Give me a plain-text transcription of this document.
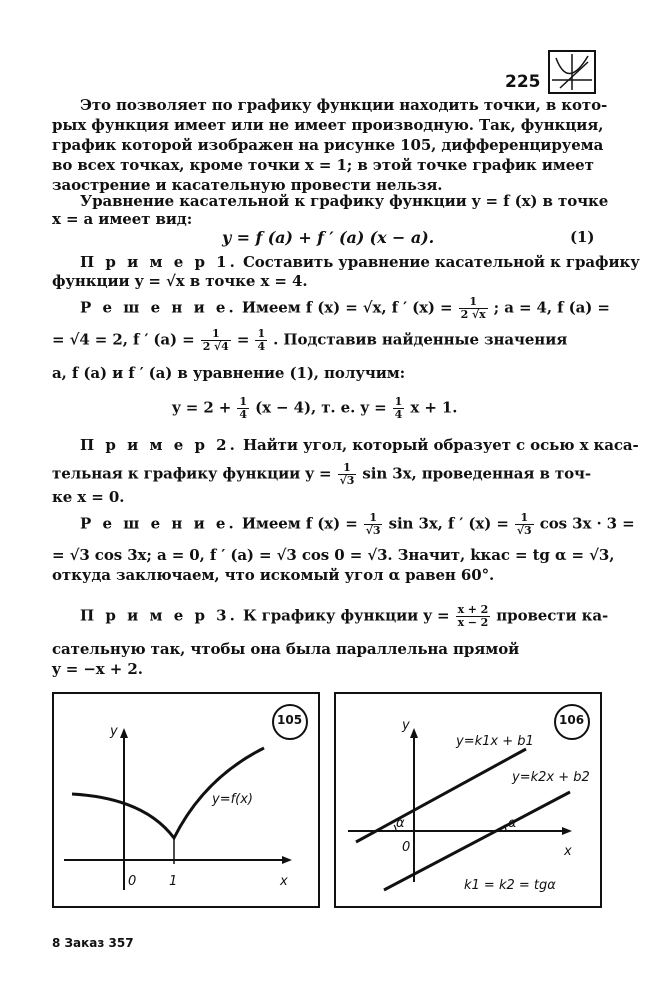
225
Это позволяет по графику функции находить точки, в кото-
рых функция имеет или не имеет производную. Так, функция,
график которой изображен на рисунке 105, дифференцируема
во всех точках, кроме точки x = 1; в этой точке график имеет
заострение и касательную провести нельзя.
Уравнение касательной к графику функции y = f (x) в точке
x = a имеет вид:
y = f (a) + f ′ (a) (x − a).	(1)
П р и м е р 1. Составить уравнение касательной к графику
функции y = √x в точке x = 4.
Р е ш е н и е. Имеем f (x) = √x, f ′ $(x) = \frac{1}{2 √x}$ ; a = 4, f (a) =
= √4 = 2, f ′ $(a) = \frac{1}{2 √4} = \frac{1}{4}$ . Подставив найденные значения
a, f (a) и f ′ (a) в уравнение (1), получим:
$y = 2 + \frac{1}{4} (x - 4)$, т. е. $y = \frac{1}{4}$ x + 1.
П р и м е р 2. Найти угол, который образует с осью x каса-
тельная к графику функции $y = \frac{1}{√3}$ sin 3x, проведенная в точ-
ке x = 0.
Р е ш е н и е. Имеем f $(x) = \frac{1}{√3}$ sin 3x, f ′ $(x) = \frac{1}{√3}$ cos 3x · 3 =
= √3 cos 3x; a = 0, f ′ (a) = √3 cos 0 = √3. Значит, kкас = tg α = √3,
откуда заключаем, что искомый угол α равен 60°.
П р и м е р 3. К графику функции $y = \frac{x + 2}{x - 2}$ провести ка-
сательную так, чтобы она была параллельна прямой
y = −x + 2.
105
y
x
0	1
y=f(x)
106
y
x
0
y=k1x + b1
y=k2x + b2
α	α
k1 = k2 = tgα
8 Заказ 357
